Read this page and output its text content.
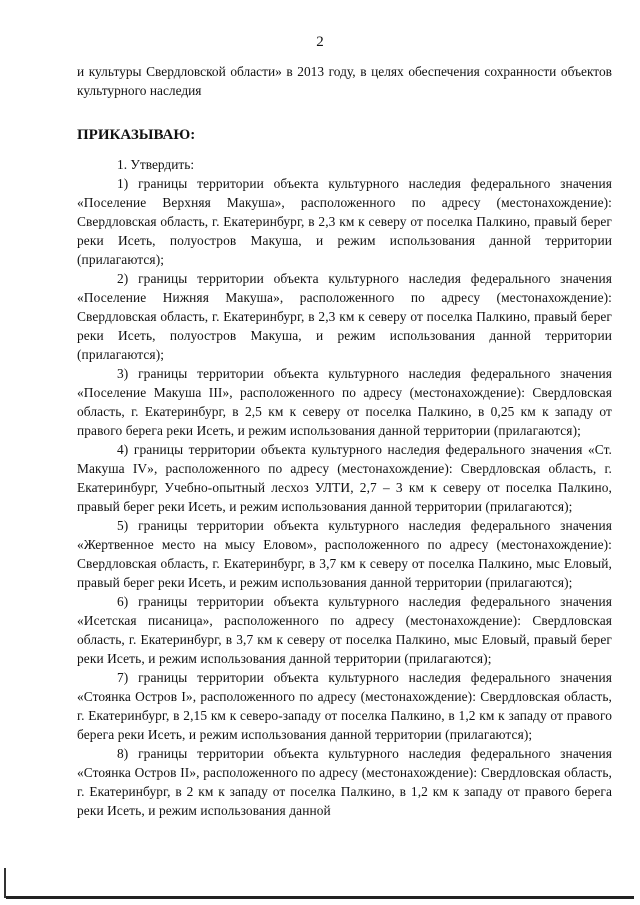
2

и культуры Свердловской области» в 2013 году, в целях обеспечения сохранности объектов культурного наследия

ПРИКАЗЫВАЮ:

1. Утвердить:

1) границы территории объекта культурного наследия федерального значения «Поселение Верхняя Макуша», расположенного по адресу (местонахождение): Свердловская область, г. Екатеринбург, в 2,3 км к северу от поселка Палкино, правый берег реки Исеть, полуостров Макуша, и режим использования данной территории (прилагаются);

2) границы территории объекта культурного наследия федерального значения «Поселение Нижняя Макуша», расположенного по адресу (местонахождение): Свердловская область, г. Екатеринбург, в 2,3 км к северу от поселка Палкино, правый берег реки Исеть, полуостров Макуша, и режим использования данной территории (прилагаются);

3) границы территории объекта культурного наследия федерального значения «Поселение Макуша III», расположенного по адресу (местонахождение): Свердловская область, г. Екатеринбург, в 2,5 км к северу от поселка Палкино, в 0,25 км к западу от правого берега реки Исеть, и режим использования данной территории (прилагаются);

4) границы территории объекта культурного наследия федерального значения «Ст. Макуша IV», расположенного по адресу (местонахождение): Свердловская область, г. Екатеринбург, Учебно-опытный лесхоз УЛТИ, 2,7 – 3 км к северу от поселка Палкино, правый берег реки Исеть, и режим использования данной территории (прилагаются);

5) границы территории объекта культурного наследия федерального значения «Жертвенное место на мысу Еловом», расположенного по адресу (местонахождение): Свердловская область, г. Екатеринбург, в 3,7 км к северу от поселка Палкино, мыс Еловый, правый берег реки Исеть, и режим использования данной территории (прилагаются);

6) границы территории объекта культурного наследия федерального значения «Исетская писаница», расположенного по адресу (местонахождение): Свердловская область, г. Екатеринбург, в 3,7 км к северу от поселка Палкино, мыс Еловый, правый берег реки Исеть, и режим использования данной территории (прилагаются);

7) границы территории объекта культурного наследия федерального значения «Стоянка Остров I», расположенного по адресу (местонахождение): Свердловская область, г. Екатеринбург, в 2,15 км к северо-западу от поселка Палкино, в 1,2 км к западу от правого берега реки Исеть, и режим использования данной территории (прилагаются);

8) границы территории объекта культурного наследия федерального значения «Стоянка Остров II», расположенного по адресу (местонахождение): Свердловская область, г. Екатеринбург, в 2 км к западу от поселка Палкино, в 1,2 км к западу от правого берега реки Исеть, и режим использования данной
